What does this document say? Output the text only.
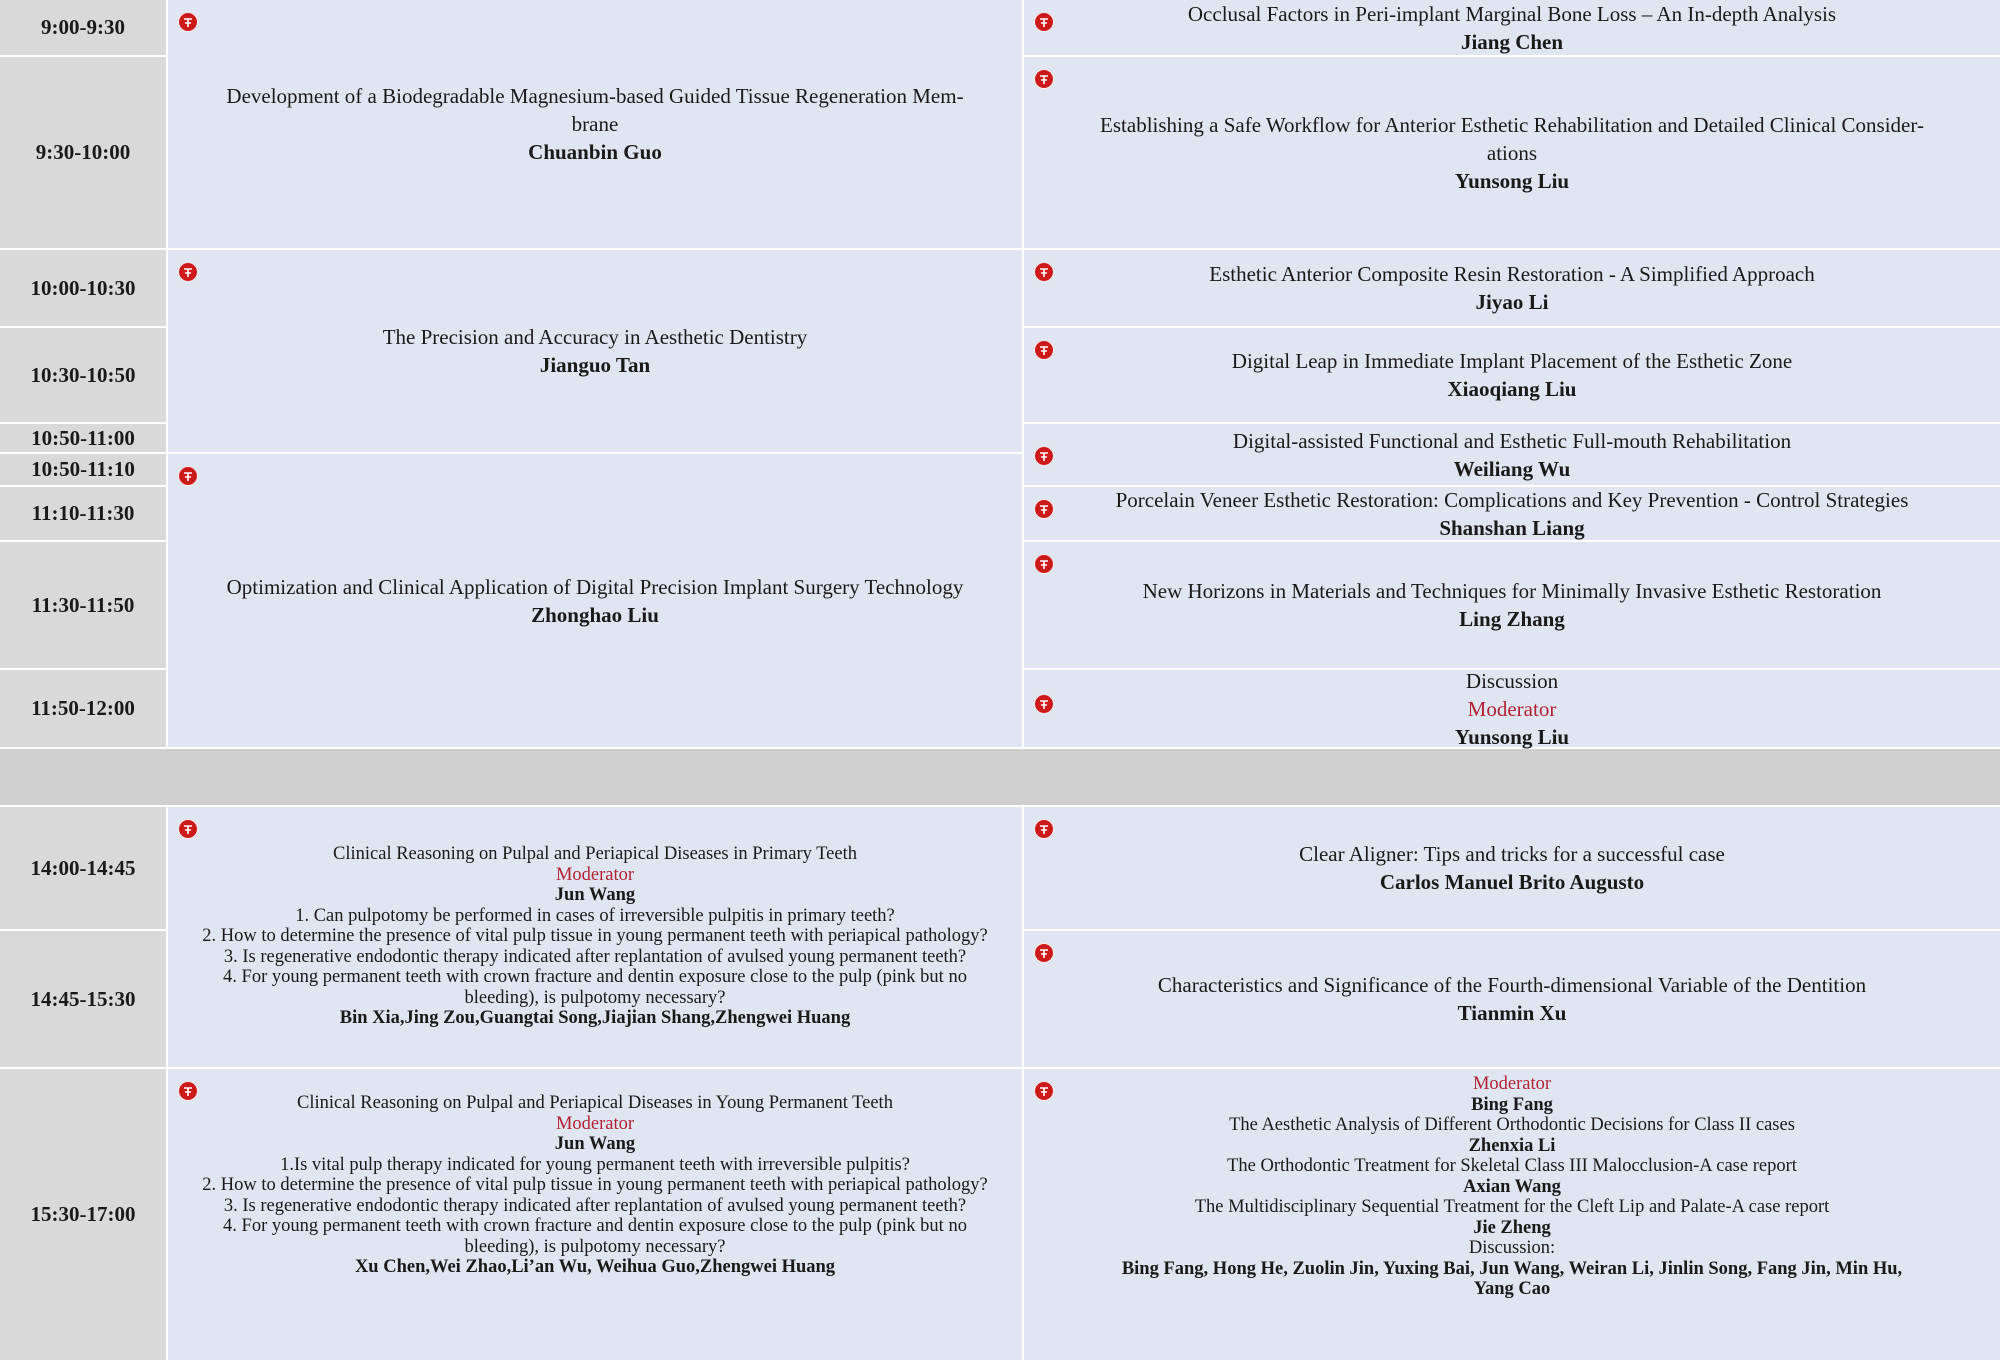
9:00-9:30
9:30-10:00
10:00-10:30
10:30-10:50
10:50-11:00
10:50-11:10
11:10-11:30
11:30-11:50
11:50-12:00

Development of a Biodegradable Magnesium-based Guided Tissue Regeneration Mem-

brane

Chuanbin Guo

The Precision and Accuracy in Aesthetic Dentistry

Jianguo Tan

Optimization and Clinical Application of Digital Precision Implant Surgery Technology

Zhonghao Liu

Occlusal Factors in Peri-implant Marginal Bone Loss – An In-depth Analysis

Jiang Chen

Establishing a Safe Workflow for Anterior Esthetic Rehabilitation and Detailed Clinical Consider-

ations

Yunsong Liu

Esthetic Anterior Composite Resin Restoration - A Simplified Approach

Jiyao Li

Digital Leap in Immediate Implant Placement of the Esthetic Zone

Xiaoqiang Liu

Digital-assisted Functional and Esthetic Full-mouth Rehabilitation

Weiliang Wu

Porcelain Veneer Esthetic Restoration: Complications and Key Prevention - Control Strategies

Shanshan Liang

New Horizons in Materials and Techniques for Minimally Invasive Esthetic Restoration

Ling Zhang

Discussion

Moderator

Yunsong Liu

14:00-14:45
14:45-15:30
15:30-17:00

Clinical Reasoning on Pulpal and Periapical Diseases in Primary Teeth

Moderator

Jun Wang

1. Can pulpotomy be performed in cases of irreversible pulpitis in primary teeth?

2. How to determine the presence of vital pulp tissue in young permanent teeth with periapical pathology?

3. Is regenerative endodontic therapy indicated after replantation of avulsed young permanent teeth?

4. For young permanent teeth with crown fracture and dentin exposure close to the pulp (pink but no

bleeding), is pulpotomy necessary?

Bin Xia,Jing Zou,Guangtai Song,Jiajian Shang,Zhengwei Huang

Clinical Reasoning on Pulpal and Periapical Diseases in Young Permanent Teeth

Moderator

Jun Wang

1.Is vital pulp therapy indicated for young permanent teeth with irreversible pulpitis?

2. How to determine the presence of vital pulp tissue in young permanent teeth with periapical pathology?

3. Is regenerative endodontic therapy indicated after replantation of avulsed young permanent teeth?

4. For young permanent teeth with crown fracture and dentin exposure close to the pulp (pink but no

bleeding), is pulpotomy necessary?

Xu Chen,Wei Zhao,Li’an Wu, Weihua Guo,Zhengwei Huang

Clear Aligner: Tips and tricks for a successful case

Carlos Manuel Brito Augusto

Characteristics and Significance of the Fourth-dimensional Variable of the Dentition

Tianmin Xu

Moderator

Bing Fang

The Aesthetic Analysis of Different Orthodontic Decisions for Class II cases

Zhenxia Li

The Orthodontic Treatment for Skeletal Class III Malocclusion-A case report

Axian Wang

The Multidisciplinary Sequential Treatment for the Cleft Lip and Palate-A case report

Jie Zheng

Discussion:

Bing Fang, Hong He, Zuolin Jin, Yuxing Bai, Jun Wang, Weiran Li, Jinlin Song, Fang Jin, Min Hu,

Yang Cao
